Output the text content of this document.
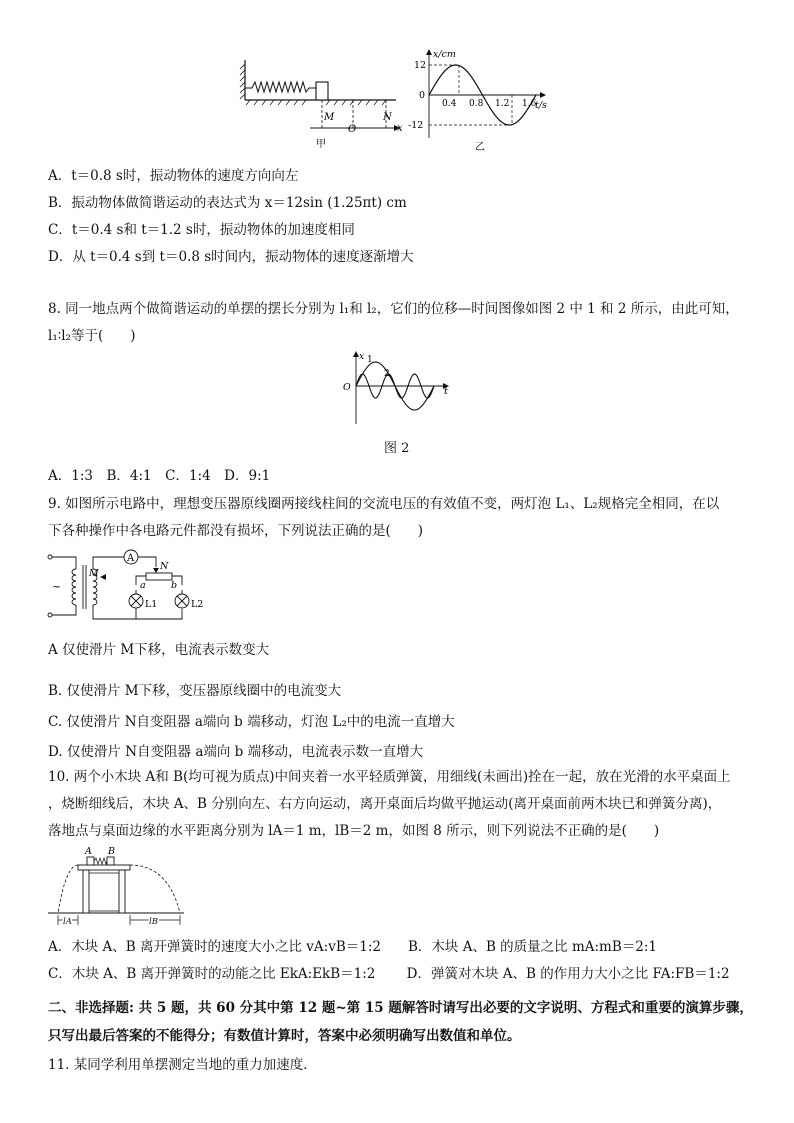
M
O
N
x
甲
x/cm
t/s
12
0
-12
0.4 0.8 1.2 1.6
乙
A．t＝0.8 s时，振动物体的速度方向向左
B．振动物体做简谐运动的表达式为 x＝12sin (1.25πt) cm
C．t＝0.4 s和 t＝1.2 s时，振动物体的加速度相同
D．从 t＝0.4 s到 t＝0.8 s时间内，振动物体的速度逐渐增大
8. 同一地点两个做简谐运动的单摆的摆长分别为 l₁和 l₂，它们的位移—时间图像如图 2 中 1 和 2 所示，由此可知，
l₁∶l₂等于(　　)
x
O	t
1
2
图 2
A．1:3　B．4:1　C．1:4　D．9:1
9. 如图所示电路中，理想变压器原线圈两接线柱间的交流电压的有效值不变，两灯泡 L₁、L₂规格完全相同，在以
下各种操作中各电路元件都没有损坏，下列说法正确的是(　　)
~
M
A
N
a	b
L1	L2
A 仅使滑片 M下移，电流表示数变大
B. 仅使滑片 M下移，变压器原线圈中的电流变大
C. 仅使滑片 N自变阻器 a端向 b 端移动，灯泡 L₂中的电流一直增大
D. 仅使滑片 N自变阻器 a端向 b 端移动，电流表示数一直增大
10. 两个小木块 A和 B(均可视为质点)中间夹着一水平轻质弹簧，用细线(未画出)拴在一起，放在光滑的水平桌面上
，烧断细线后，木块 A、B 分别向左、右方向运动，离开桌面后均做平抛运动(离开桌面前两木块已和弹簧分离)，
落地点与桌面边缘的水平距离分别为 lA＝1 m，lB＝2 m，如图 8 所示，则下列说法不正确的是(　　)
A B
lA	lB
A．木块 A、B 离开弹簧时的速度大小之比 vA:vB＝1:2　　B．木块 A、B 的质量之比 mA:mB＝2:1
C．木块 A、B 离开弹簧时的动能之比 EkA:EkB＝1:2　　 D．弹簧对木块 A、B 的作用力大小之比 FA:FB＝1:2
二、非选择题: 共 5 题，共 60 分其中第 12 题~第 15 题解答时请写出必要的文字说明、方程式和重要的演算步骤，
只写出最后答案的不能得分；有数值计算时，答案中必须明确写出数值和单位。
11. 某同学利用单摆测定当地的重力加速度．
